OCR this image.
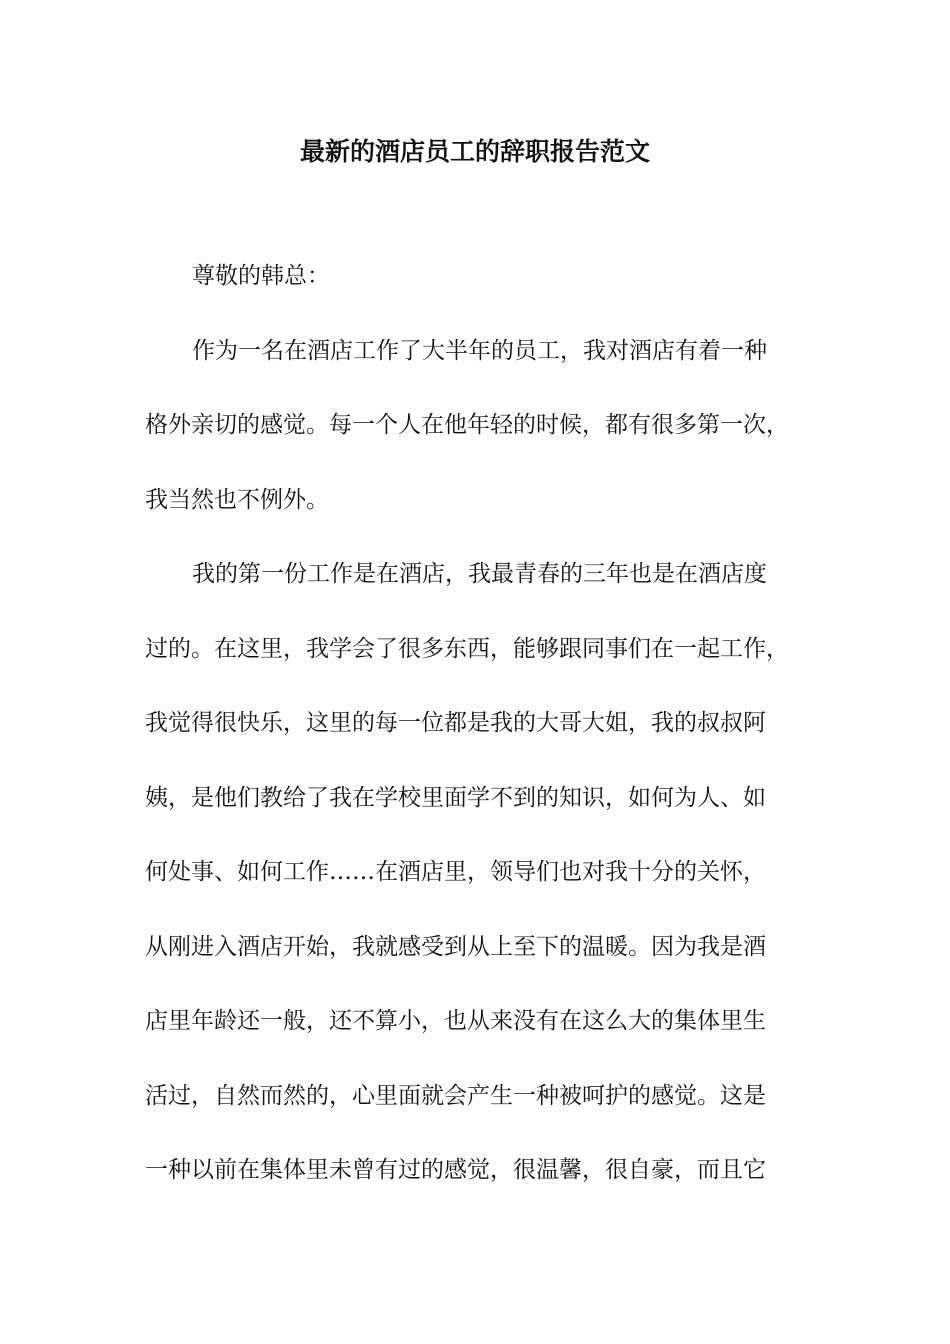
最新的酒店员工的辞职报告范文
尊敬的韩总：
作为一名在酒店工作了大半年的员工，我对酒店有着一种
格外亲切的感觉。每一个人在他年轻的时候，都有很多第一次，
我当然也不例外。
我的第一份工作是在酒店，我最青春的三年也是在酒店度
过的。在这里，我学会了很多东西，能够跟同事们在一起工作，
我觉得很快乐，这里的每一位都是我的大哥大姐，我的叔叔阿
姨，是他们教给了我在学校里面学不到的知识，如何为人、如
何处事、如何工作……在酒店里，领导们也对我十分的关怀，
从刚进入酒店开始，我就感受到从上至下的温暖。因为我是酒
店里年龄还一般，还不算小，也从来没有在这么大的集体里生
活过，自然而然的，心里面就会产生一种被呵护的感觉。这是
一种以前在集体里未曾有过的感觉，很温馨，很自豪，而且它
